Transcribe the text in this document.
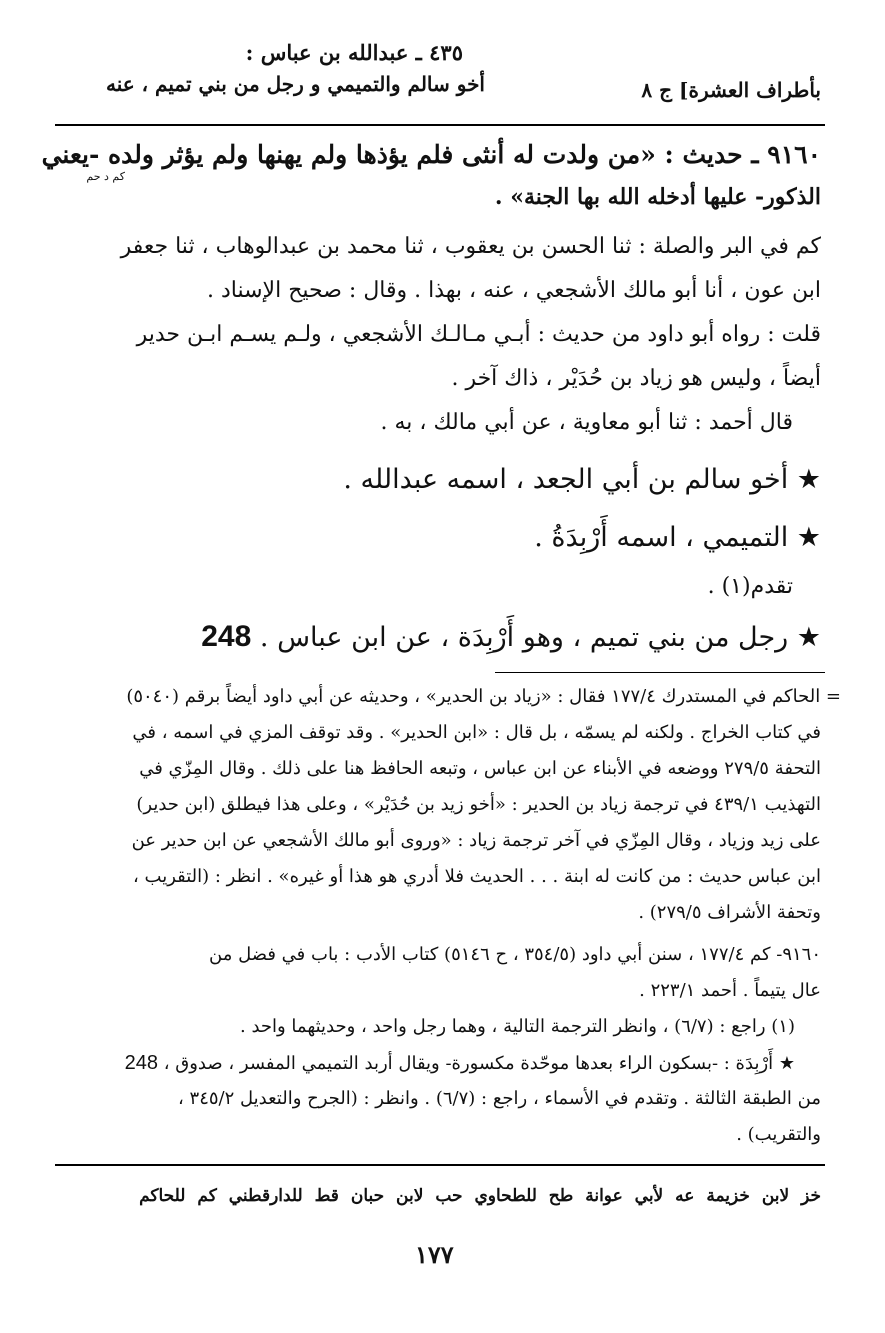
٤٣٥ ـ عبدالله بن عباس :
أخو سالم والتميمي و رجل من بني تميم ، عنه	بأطراف العشرة] ج ٨
٩١٦٠ ـ حديث : «من ولدت له أنثى فلم يؤذها ولم يهنها ولم يؤثر ولده -يعني
كم د حم
الذكور- عليها أدخله الله بها الجنة» .
كم في البر والصلة : ثنا الحسن بن يعقوب ، ثنا محمد بن عبدالوهاب ، ثنا جعفر
ابن عون ، أنا أبو مالك الأشجعي ، عنه ، بهذا . وقال : صحيح الإسناد .
قلت : رواه أبو داود من حديث : أبـي مـالـك الأشجعي ، ولـم يسـم ابـن حدير
أيضاً ، وليس هو زياد بن حُدَيْر ، ذاك آخر .
قال أحمد : ثنا أبو معاوية ، عن أبي مالك ، به .
★ أخو سالم بن أبي الجعد ، اسمه عبدالله .
★ التميمي ، اسمه أَرْبِدَةُ .
تقدم(١) .
★ رجل من بني تميم ، وهو أَرْبِدَة ، عن ابن عباس . 248
= الحاكم في المستدرك ١٧٧/٤ فقال : «زياد بن الحدير» ، وحديثه عن أبي داود أيضاً برقم (٥٠٤٠)
في كتاب الخراج . ولكنه لم يسمّه ، بل قال : «ابن الحدير» . وقد توقف المزي في اسمه ، في
التحفة ٢٧٩/٥ ووضعه في الأبناء عن ابن عباس ، وتبعه الحافظ هنا على ذلك . وقال المِزّي في
التهذيب ٤٣٩/١ في ترجمة زياد بن الحدير : «أخو زيد بن حُدَيْر» ، وعلى هذا فيطلق (ابن حدير)
على زيد وزياد ، وقال المِزّي في آخر ترجمة زياد : «وروى أبو مالك الأشجعي عن ابن حدير عن
ابن عباس حديث : من كانت له ابنة . . . الحديث فلا أدري هو هذا أو غيره» . انظر : (التقريب ،
وتحفة الأشراف ٢٧٩/٥) .
٩١٦٠- كم ١٧٧/٤ ، سنن أبي داود (٣٥٤/٥ ، ح ٥١٤٦) كتاب الأدب : باب في فضل من
عال يتيماً . أحمد ٢٢٣/١ .
(١) راجع : (٦/٧) ، وانظر الترجمة التالية ، وهما رجل واحد ، وحديثهما واحد .
★ أَرْبِدَة : -بسكون الراء بعدها موحّدة مكسورة- ويقال أربد التميمي المفسر ، صدوق ، 248
من الطبقة الثالثة . وتقدم في الأسماء ، راجع : (٦/٧) . وانظر : (الجرح والتعديل ٣٤٥/٢ ،
والتقريب) .
خز لابن خزيمة عه لأبي عوانة طح للطحاوي حب لابن حبان قط للدارقطني كم للحاكم
١٧٧
